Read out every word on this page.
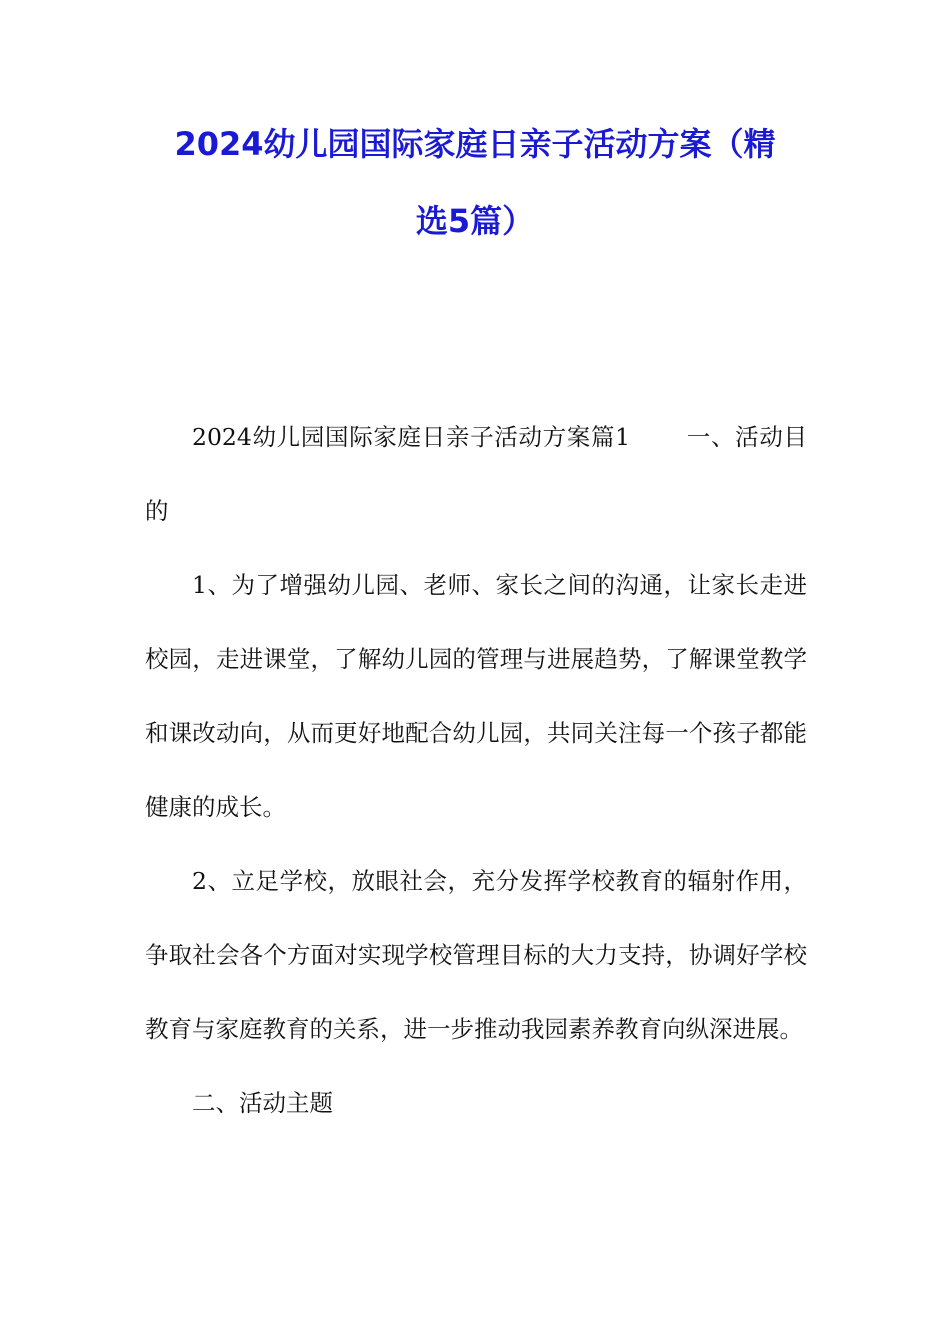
2024幼儿园国际家庭日亲子活动方案（精
选5篇）

2024幼儿园国际家庭日亲子活动方案篇1 一、活动目的

1、为了增强幼儿园、老师、家长之间的沟通，让家长走进校园，走进课堂，了解幼儿园的管理与进展趋势，了解课堂教学和课改动向，从而更好地配合幼儿园，共同关注每一个孩子都能健康的成长。

2、立足学校，放眼社会，充分发挥学校教育的辐射作用，争取社会各个方面对实现学校管理目标的大力支持，协调好学校教育与家庭教育的关系，进一步推动我园素养教育向纵深进展。

二、活动主题
